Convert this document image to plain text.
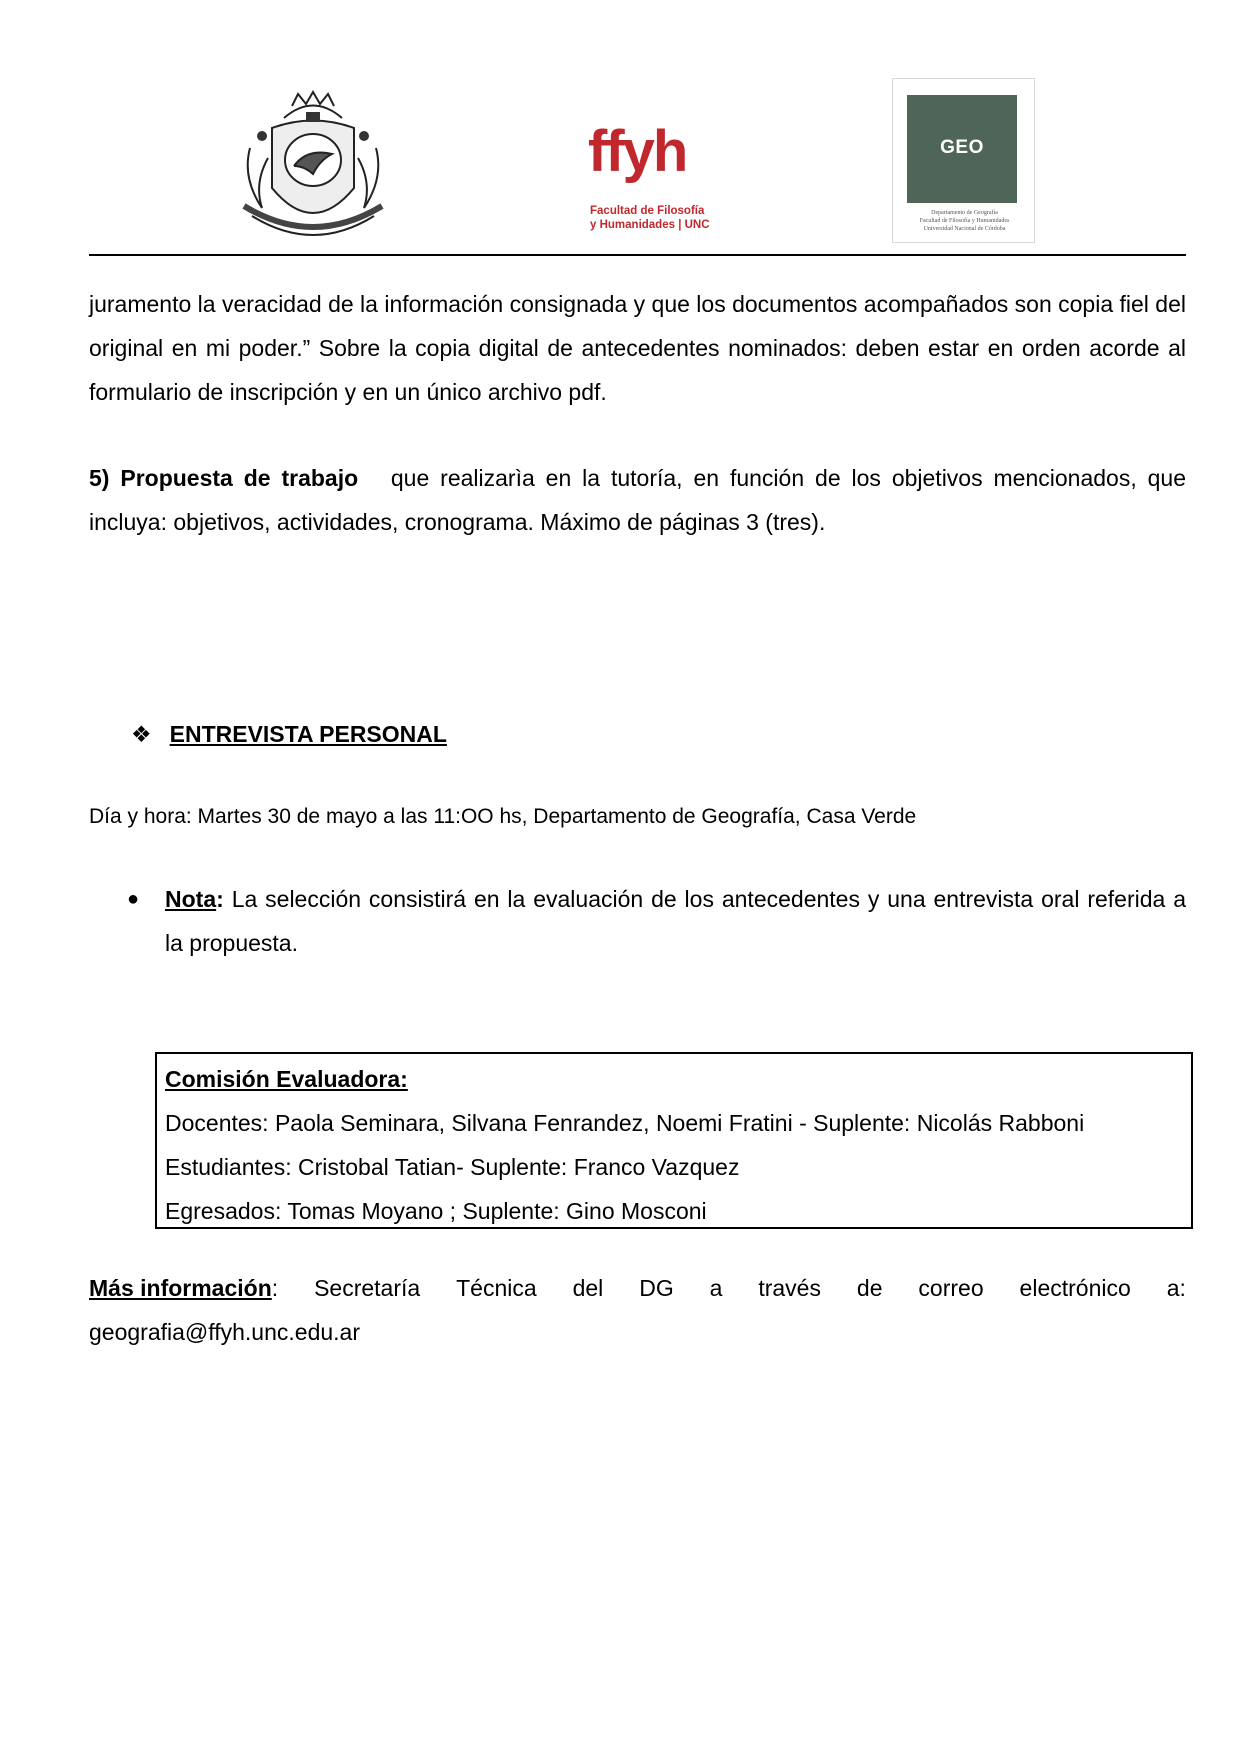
ffyh
Facultad de Filosofía
y Humanidades | UNC
GEO
Departamento de Geografía
Facultad de Filosofía y Humanidades
Universidad Nacional de Córdoba

juramento la veracidad de la información consignada y que los documentos acompañados son copia fiel del original en mi poder.” Sobre la copia digital de antecedentes nominados: deben estar en orden acorde al formulario de inscripción y en un único archivo pdf.

5) Propuesta de trabajo que realizarìa en la tutoría, en función de los objetivos mencionados, que incluya: objetivos, actividades, cronograma. Máximo de páginas 3 (tres).

❖ ENTREVISTA PERSONAL
Día y hora: Martes 30 de mayo a las 11:OO hs, Departamento de Geografía, Casa Verde
●	Nota: La selección consistirá en la evaluación de los antecedentes y una entrevista oral referida a la propuesta.
Comisión Evaluadora:
Docentes: Paola Seminara, Silvana Fenrandez, Noemi Fratini - Suplente: Nicolás Rabboni
Estudiantes: Cristobal Tatian- Suplente: Franco Vazquez
Egresados: Tomas Moyano ; Suplente: Gino Mosconi
Más información: Secretaría Técnica del DG a través de correo electrónico a:
geografia@ffyh.unc.edu.ar
